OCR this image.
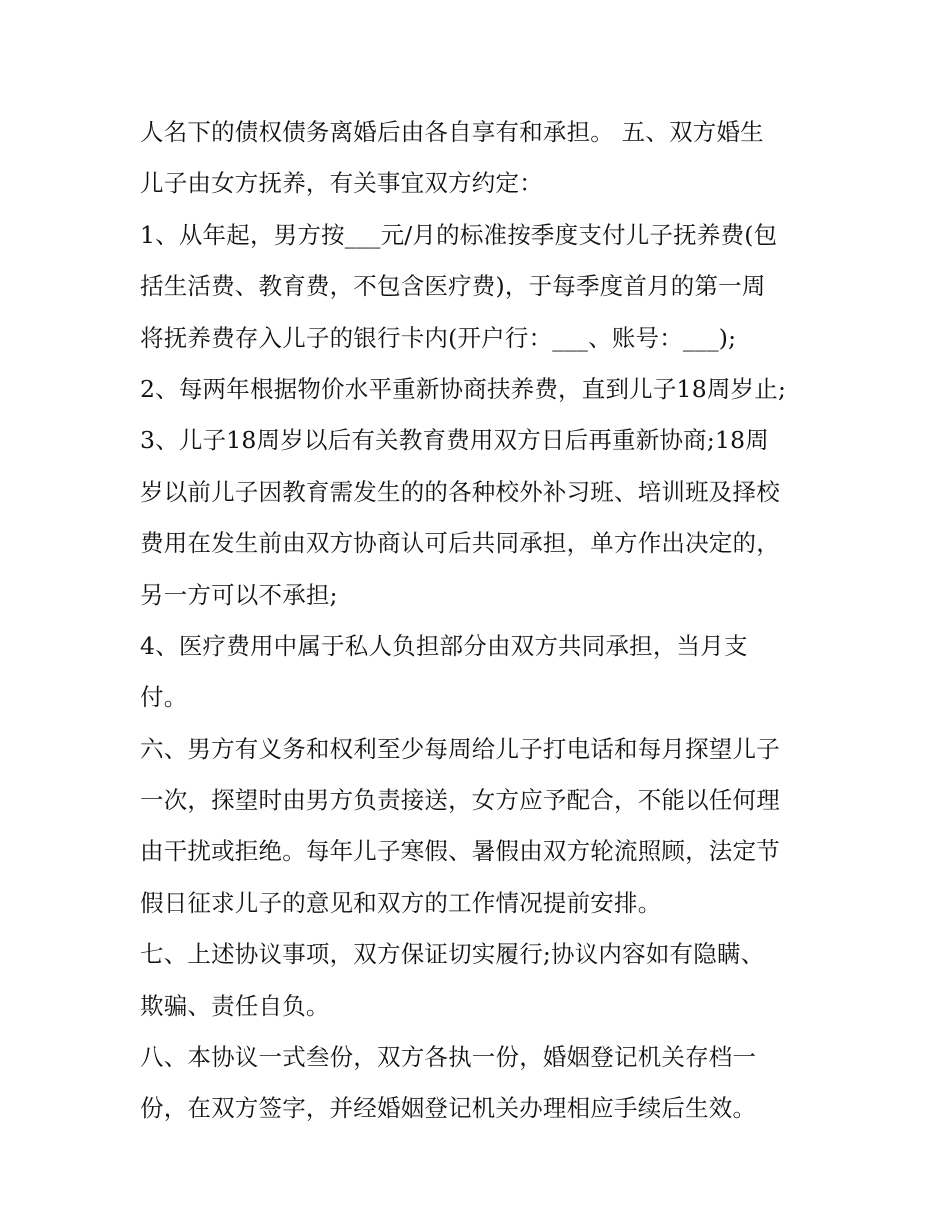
人名下的债权债务离婚后由各自享有和承担。 五、双方婚生
儿子由女方抚养，有关事宜双方约定：
1、从年起，男方按___元/月的标准按季度支付儿子抚养费(包
括生活费、教育费，不包含医疗费)，于每季度首月的第一周
将抚养费存入儿子的银行卡内(开户行：___、账号：___);
2、每两年根据物价水平重新协商扶养费，直到儿子18周岁止;
3、儿子18周岁以后有关教育费用双方日后再重新协商;18周
岁以前儿子因教育需发生的的各种校外补习班、培训班及择校
费用在发生前由双方协商认可后共同承担，单方作出决定的，
另一方可以不承担;
4、医疗费用中属于私人负担部分由双方共同承担，当月支
付。
六、男方有义务和权利至少每周给儿子打电话和每月探望儿子
一次，探望时由男方负责接送，女方应予配合，不能以任何理
由干扰或拒绝。每年儿子寒假、暑假由双方轮流照顾，法定节
假日征求儿子的意见和双方的工作情况提前安排。
七、上述协议事项，双方保证切实履行;协议内容如有隐瞒、
欺骗、责任自负。
八、本协议一式叁份，双方各执一份，婚姻登记机关存档一
份，在双方签字，并经婚姻登记机关办理相应手续后生效。
